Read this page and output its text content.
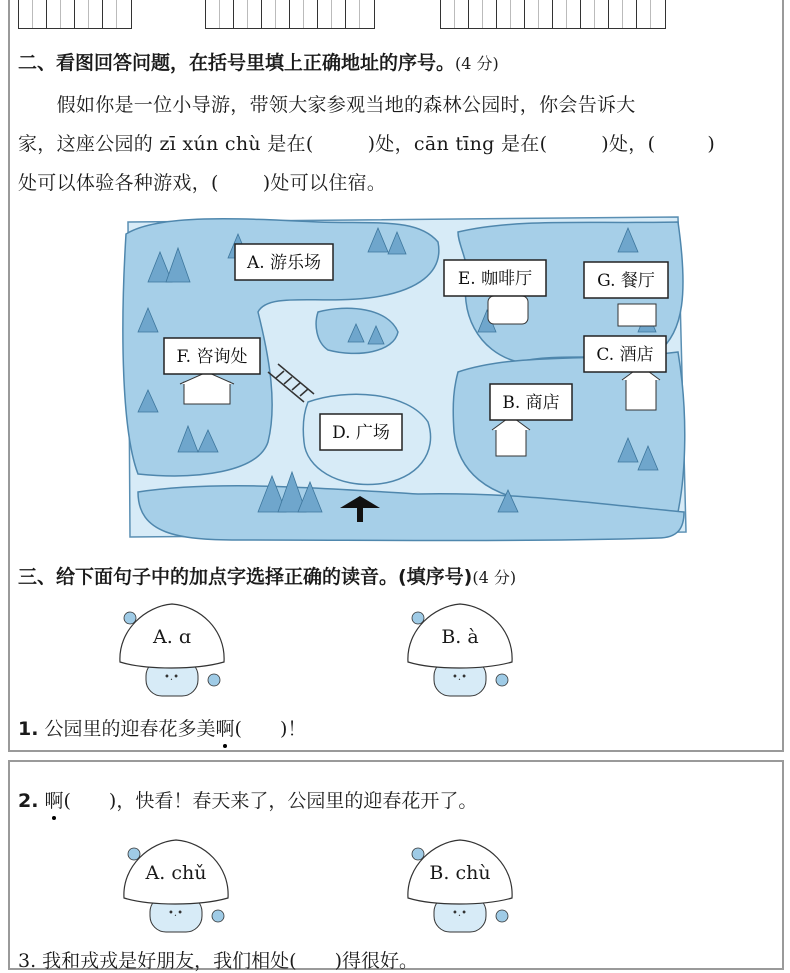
二、看图回答问题，在括号里填上正确地址的序号。(4 分)
　　假如你是一位小导游，带领大家参观当地的森林公园时，你会告诉大
家，这座公园的 zī xún chù 是在(	)处，cān tīng 是在(	)处，(	)
处可以体验各种游戏，( )处可以住宿。
A. 游乐场
E. 咖啡厅	G. 餐厅
F. 咨询处	C. 酒店
B. 商店
D. 广场
三、给下面句子中的加点字选择正确的读音。(填序号)(4 分)
•.•
A. ɑ
•.•
B. à
1. 公园里的迎春花多美啊(　　)！
2. 啊(　　)，快看！春天来了，公园里的迎春花开了。
•.•
A. chǔ
•.•
B. chù
3. 我和戎戎是好朋友，我们相处(　　)得很好。
